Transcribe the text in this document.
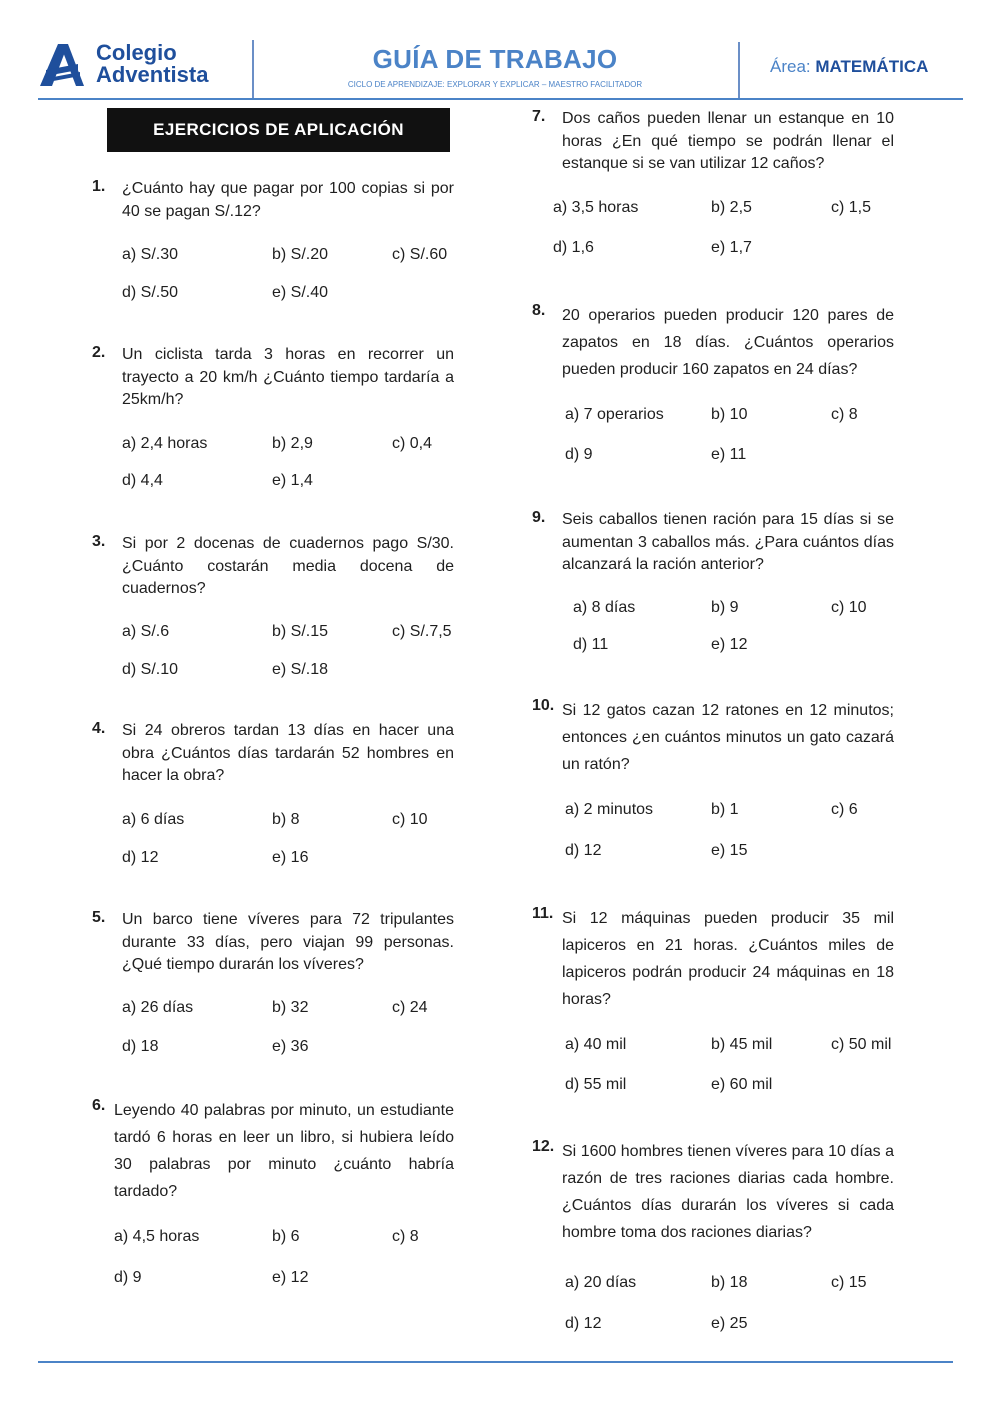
Colegio
Adventista
GUÍA DE TRABAJO
CICLO DE APRENDIZAJE: EXPLORAR Y EXPLICAR – MAESTRO FACILITADOR
Área: MATEMÁTICA
EJERCICIOS DE APLICACIÓN
1. ¿Cuánto hay que pagar por 100 copias si por 40 se pagan S/.12?
a) S/.30	b) S/.20	c) S/.60
d) S/.50	e) S/.40
2. Un ciclista tarda 3 horas en recorrer un trayecto a 20 km/h ¿Cuánto tiempo tardaría a 25km/h?
a) 2,4 horas	b) 2,9	c) 0,4
d) 4,4	e) 1,4
3. Si por 2 docenas de cuadernos pago S/30. ¿Cuánto costarán media docena de cuadernos?
a) S/.6	b) S/.15	c) S/.7,5
d) S/.10	e) S/.18
4. Si 24 obreros tardan 13 días en hacer una obra ¿Cuántos días tardarán 52 hombres en hacer la obra?
a) 6 días	b) 8	c) 10
d) 12	e) 16
5. Un barco tiene víveres para 72 tripulantes durante 33 días, pero viajan 99 personas. ¿Qué tiempo durarán los víveres?
a) 26 días	b) 32	c) 24
d) 18	e) 36
6. Leyendo 40 palabras por minuto, un estudiante tardó 6 horas en leer un libro, si hubiera leído 30 palabras por minuto ¿cuánto habría tardado?
a) 4,5 horas	b) 6	c) 8
d) 9	e) 12
7. Dos caños pueden llenar un estanque en 10 horas ¿En qué tiempo se podrán llenar el estanque si se van utilizar 12 caños?
a) 3,5 horas	b) 2,5	c) 1,5
d) 1,6	e) 1,7
8. 20 operarios pueden producir 120 pares de zapatos en 18 días. ¿Cuántos operarios pueden producir 160 zapatos en 24 días?
a) 7 operarios	b) 10	c) 8
d) 9	e) 11
9. Seis caballos tienen ración para 15 días si se aumentan 3 caballos más. ¿Para cuántos días alcanzará la ración anterior?
a) 8 días	b) 9	c) 10
d) 11	e) 12
10. Si 12 gatos cazan 12 ratones en 12 minutos; entonces ¿en cuántos minutos un gato cazará un ratón?
a) 2 minutos	b) 1	c) 6
d) 12	e) 15
11. Si 12 máquinas pueden producir 35 mil lapiceros en 21 horas. ¿Cuántos miles de lapiceros podrán producir 24 máquinas en 18 horas?
a) 40 mil	b) 45 mil	c) 50 mil
d) 55 mil	e) 60 mil
12. Si 1600 hombres tienen víveres para 10 días a razón de tres raciones diarias cada hombre. ¿Cuántos días durarán los víveres si cada hombre toma dos raciones diarias?
a) 20 días	b) 18	c) 15
d) 12	e) 25
